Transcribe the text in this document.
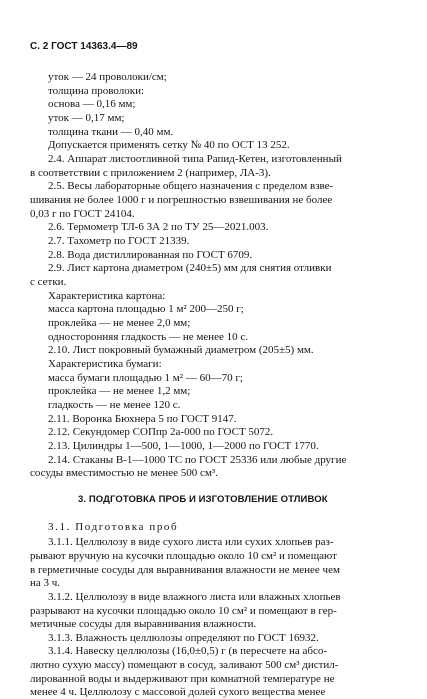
С. 2 ГОСТ 14363.4—89
уток — 24 проволоки/см;
толщина проволоки:
основа — 0,16 мм;
уток — 0,17 мм;
толщина ткани — 0,40 мм.
Допускается применять сетку № 40 по ОСТ 13 252.
2.4. Аппарат листоотливной типа Рапид-Кетен, изготовленный
в соответствии с приложением 2 (например, ЛА-3).
2.5. Весы лабораторные общего назначения с пределом взве-
шивания не более 1000 г и погрешностью взвешивания не более
0,03 г по ГОСТ 24104.
2.6. Термометр ТЛ-6 3А 2 по ТУ 25—2021.003.
2.7. Тахометр по ГОСТ 21339.
2.8. Вода дистиллированная по ГОСТ 6709.
2.9. Лист картона диаметром (240±5) мм для снятия отливки
с сетки.
Характеристика картона:
масса картона площадью 1 м² 200—250 г;
проклейка — не менее 2,0 мм;
односторонняя гладкость — не менее 10 с.
2.10. Лист покровный бумажный диаметром (205±5) мм.
Характеристика бумаги:
масса бумаги площадью 1 м² — 60—70 г;
проклейка — не менее 1,2 мм;
гладкость — не менее 120 с.
2.11. Воронка Бюхнера 5 по ГОСТ 9147.
2.12. Секундомер СОПпр 2а-000 по ГОСТ 5072.
2.13. Цилиндры 1—500, 1—1000, 1—2000 по ГОСТ 1770.
2.14. Стаканы В-1—1000 ТС по ГОСТ 25336 или любые другие
сосуды вместимостью не менее 500 см³.
3. ПОДГОТОВКА ПРОБ И ИЗГОТОВЛЕНИЕ ОТЛИВОК
3.1. Подготовка проб
3.1.1. Целлюлозу в виде сухого листа или сухих хлопьев раз-
рывают вручную на кусочки площадью около 10 см² и помещают
в герметичные сосуды для выравнивания влажности не менее чем
на 3 ч.
3.1.2. Целлюлозу в виде влажного листа или влажных хлопьев
разрывают на кусочки площадью около 10 см² и помещают в гер-
метичные сосуды для выравнивания влажности.
3.1.3. Влажность целлюлозы определяют по ГОСТ 16932.
3.1.4. Навеску целлюлозы (16,0±0,5) г (в пересчете на абсо-
лютно сухую массу) помещают в сосуд, заливают 500 см³ дистил-
лированной воды и выдерживают при комнатной температуре не
менее 4 ч. Целлюлозу с массовой долей сухого вещества менее
